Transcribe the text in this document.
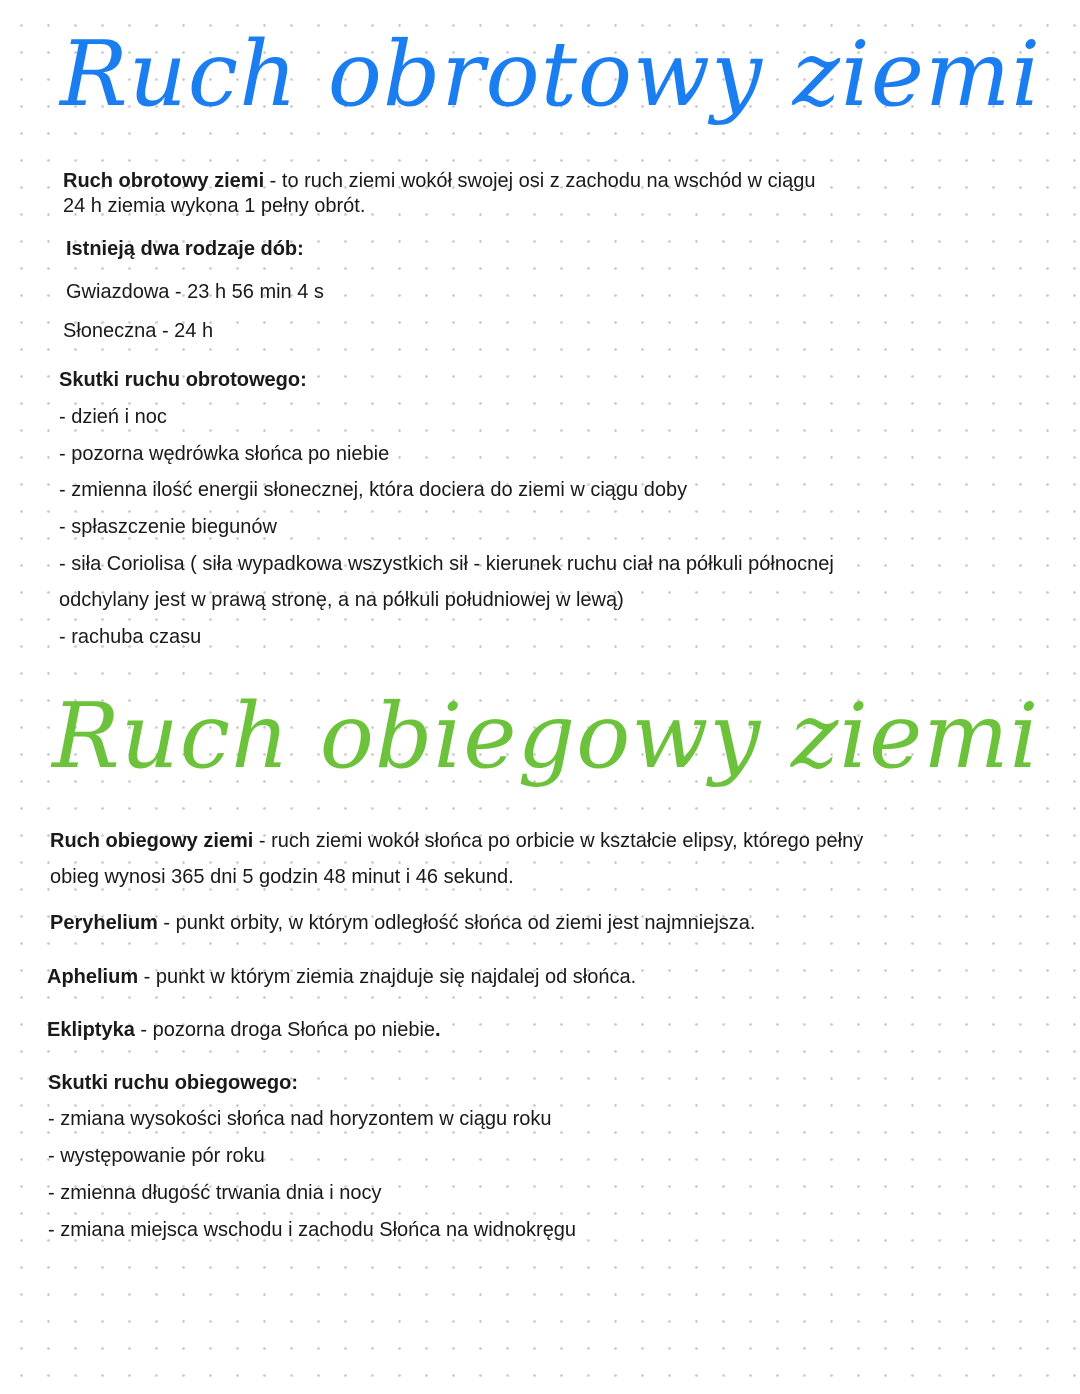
Ruch obrotowy ziemi
Ruch obrotowy ziemi - to ruch ziemi wokół swojej osi z zachodu na wschód w ciągu
24 h ziemia wykona 1 pełny obrót.
Istnieją dwa rodzaje dób:
Gwiazdowa - 23 h 56 min 4 s
Słoneczna - 24 h
Skutki ruchu obrotowego:
- dzień i noc
- pozorna wędrówka słońca po niebie
- zmienna ilość energii słonecznej, która dociera do ziemi w ciągu doby
- spłaszczenie biegunów
- siła Coriolisa ( siła wypadkowa wszystkich sił - kierunek ruchu ciał na półkuli północnej
odchylany jest w prawą stronę, a na półkuli południowej w lewą)
- rachuba czasu
Ruch obiegowy ziemi
Ruch obiegowy ziemi - ruch ziemi wokół słońca po orbicie w kształcie elipsy, którego pełny
obieg wynosi 365 dni 5 godzin 48 minut i 46 sekund.
Peryhelium - punkt orbity, w którym odległość słońca od ziemi jest najmniejsza.
Aphelium - punkt w którym ziemia znajduje się najdalej od słońca.
Ekliptyka - pozorna droga Słońca po niebie.
Skutki ruchu obiegowego:
- zmiana wysokości słońca nad horyzontem w ciągu roku
- występowanie pór roku
- zmienna długość trwania dnia i nocy
- zmiana miejsca wschodu i zachodu Słońca na widnokręgu
